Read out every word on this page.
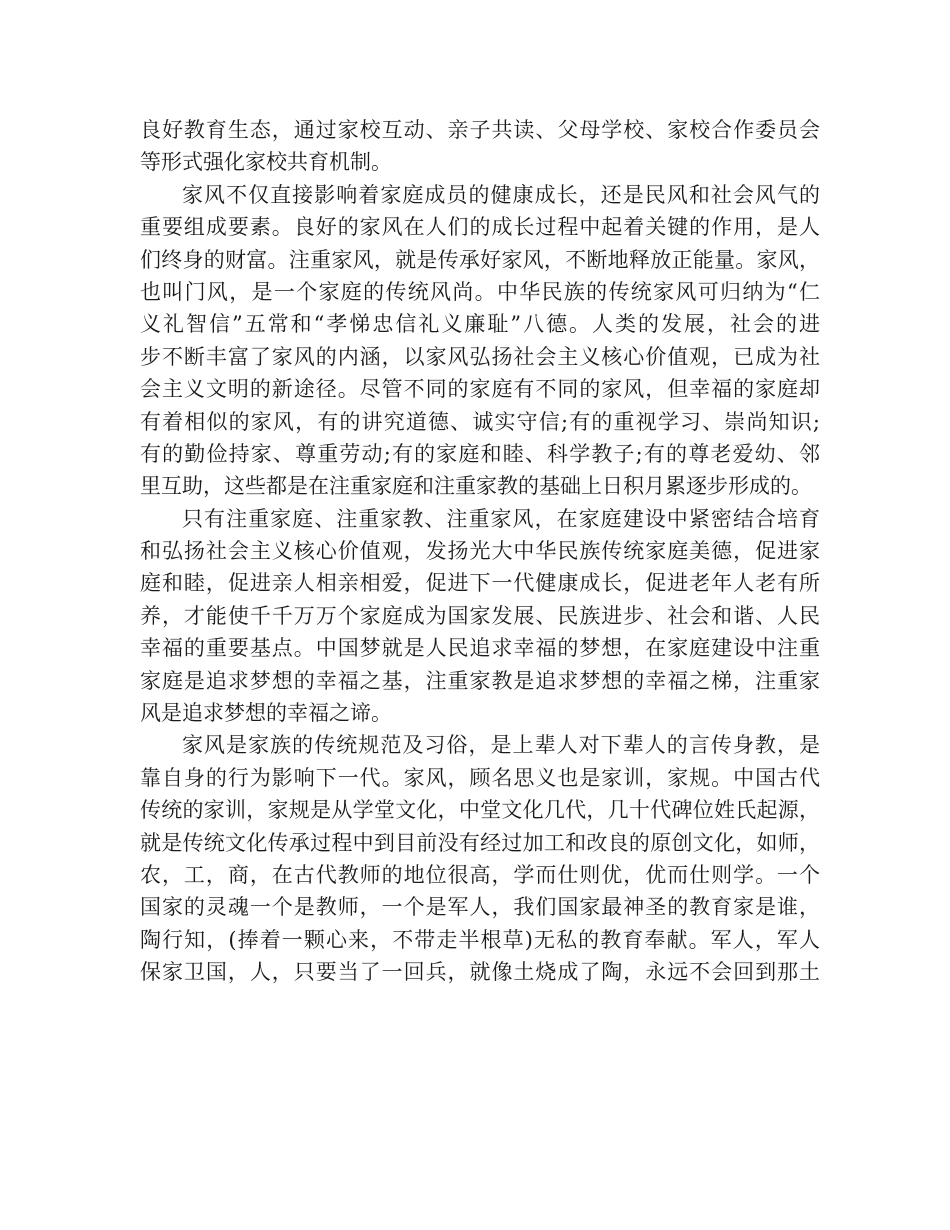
良好教育生态，通过家校互动、亲子共读、父母学校、家校合作委员会
等形式强化家校共育机制。
家风不仅直接影响着家庭成员的健康成长，还是民风和社会风气的
重要组成要素。良好的家风在人们的成长过程中起着关键的作用，是人
们终身的财富。注重家风，就是传承好家风，不断地释放正能量。家风，
也叫门风，是一个家庭的传统风尚。中华民族的传统家风可归纳为“仁
义礼智信”五常和“孝悌忠信礼义廉耻”八德。人类的发展，社会的进
步不断丰富了家风的内涵，以家风弘扬社会主义核心价值观，已成为社
会主义文明的新途径。尽管不同的家庭有不同的家风，但幸福的家庭却
有着相似的家风，有的讲究道德、诚实守信;有的重视学习、崇尚知识;
有的勤俭持家、尊重劳动;有的家庭和睦、科学教子;有的尊老爱幼、邻
里互助，这些都是在注重家庭和注重家教的基础上日积月累逐步形成的。
只有注重家庭、注重家教、注重家风，在家庭建设中紧密结合培育
和弘扬社会主义核心价值观，发扬光大中华民族传统家庭美德，促进家
庭和睦，促进亲人相亲相爱，促进下一代健康成长，促进老年人老有所
养，才能使千千万万个家庭成为国家发展、民族进步、社会和谐、人民
幸福的重要基点。中国梦就是人民追求幸福的梦想，在家庭建设中注重
家庭是追求梦想的幸福之基，注重家教是追求梦想的幸福之梯，注重家
风是追求梦想的幸福之谛。
家风是家族的传统规范及习俗，是上辈人对下辈人的言传身教，是
靠自身的行为影响下一代。家风，顾名思义也是家训，家规。中国古代
传统的家训，家规是从学堂文化，中堂文化几代，几十代碑位姓氏起源，
就是传统文化传承过程中到目前没有经过加工和改良的原创文化，如师，
农，工，商，在古代教师的地位很高，学而仕则优，优而仕则学。一个
国家的灵魂一个是教师，一个是军人，我们国家最神圣的教育家是谁，
陶行知，(捧着一颗心来，不带走半根草)无私的教育奉献。军人，军人
保家卫国，人，只要当了一回兵，就像土烧成了陶，永远不会回到那土
